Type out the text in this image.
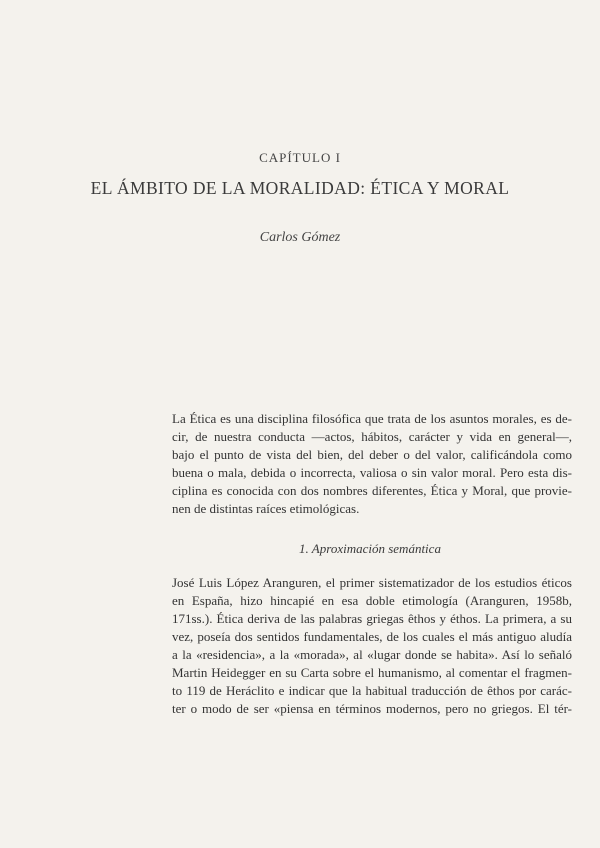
CAPÍTULO I
EL ÁMBITO DE LA MORALIDAD: ÉTICA Y MORAL
Carlos Gómez
La Ética es una disciplina filosófica que trata de los asuntos morales, es de-
cir, de nuestra conducta —actos, hábitos, carácter y vida en general—,
bajo el punto de vista del bien, del deber o del valor, calificándola como
buena o mala, debida o incorrecta, valiosa o sin valor moral. Pero esta dis-
ciplina es conocida con dos nombres diferentes, Ética y Moral, que provie-
nen de distintas raíces etimológicas.
1. Aproximación semántica
José Luis López Aranguren, el primer sistematizador de los estudios éticos
en España, hizo hincapié en esa doble etimología (Aranguren, 1958b,
171ss.). Ética deriva de las palabras griegas êthos y éthos. La primera, a su
vez, poseía dos sentidos fundamentales, de los cuales el más antiguo aludía
a la «residencia», a la «morada», al «lugar donde se habita». Así lo señaló
Martin Heidegger en su Carta sobre el humanismo, al comentar el fragmen-
to 119 de Heráclito e indicar que la habitual traducción de êthos por carác-
ter o modo de ser «piensa en términos modernos, pero no griegos. El tér-
